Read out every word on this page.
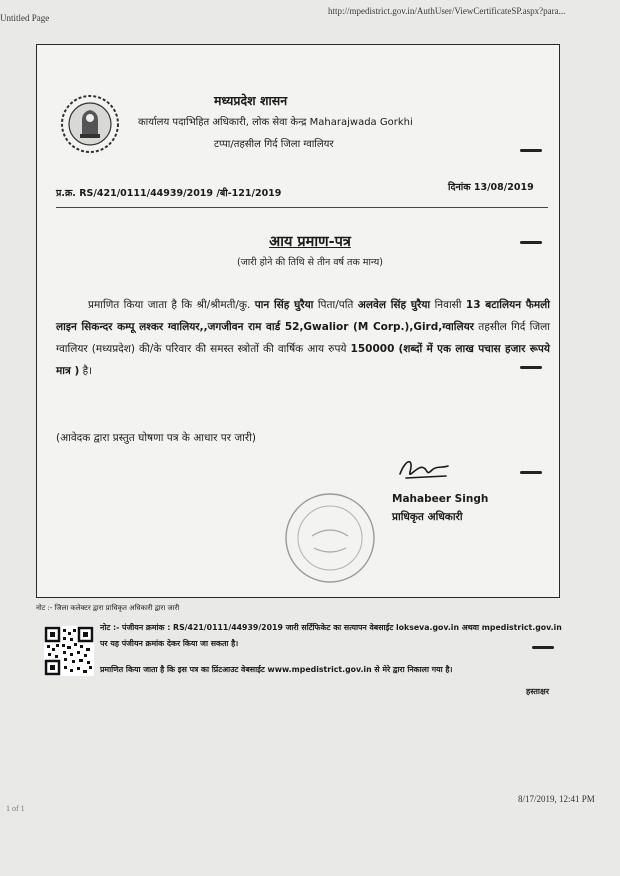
Untitled Page
http://mpedistrict.gov.in/AuthUser/ViewCertificateSP.aspx?para...
मध्यप्रदेश शासन
कार्यालय पदाभिहित अधिकारी, लोक सेवा केन्द्र Maharajwada Gorkhi
टप्पा/तहसील गिर्द जिला ग्वालियर
प्र.क्र. RS/421/0111/44939/2019 /बी-121/2019
दिनांक 13/08/2019
आय प्रमाण-पत्र
(जारी होने की तिथि से तीन वर्ष तक मान्य)

प्रमाणित किया जाता है कि श्री/श्रीमती/कु. पान सिंह घुरैया पिता/पति अलवेल सिंह घुरैया निवासी 13 बटालियन फैमली लाइन सिकन्दर कम्पू लश्कर ग्वालियर,,जगजीवन राम वार्ड 52,Gwalior (M Corp.),Gird,ग्वालियर तहसील गिर्द जिला ग्वालियर (मध्यप्रदेश) की/के परिवार की समस्त स्त्रोतों की वार्षिक आय रुपये 150000 (शब्दों में एक लाख पचास हजार रूपये मात्र ) है।

(आवेदक द्वारा प्रस्तुत घोषणा पत्र के आधार पर जारी)
Mahabeer Singh
प्राधिकृत अधिकारी
नोट :- जिला कलेक्टर द्वारा प्राधिकृत अधिकारी द्वारा जारी
नोट :- पंजीयन क्रमांक : RS/421/0111/44939/2019 जारी सर्टिफिकेट का सत्यापन वेबसाईट lokseva.gov.in अथवा mpedistrict.gov.in
पर यह पंजीयन क्रमांक देकर किया जा सकता है।
प्रमाणित किया जाता है कि इस पत्र का प्रिंटआउट वेबसाईट www.mpedistrict.gov.in से मेरे द्वारा निकाला गया है।
हस्ताक्षर
1 of 1
8/17/2019, 12:41 PM
